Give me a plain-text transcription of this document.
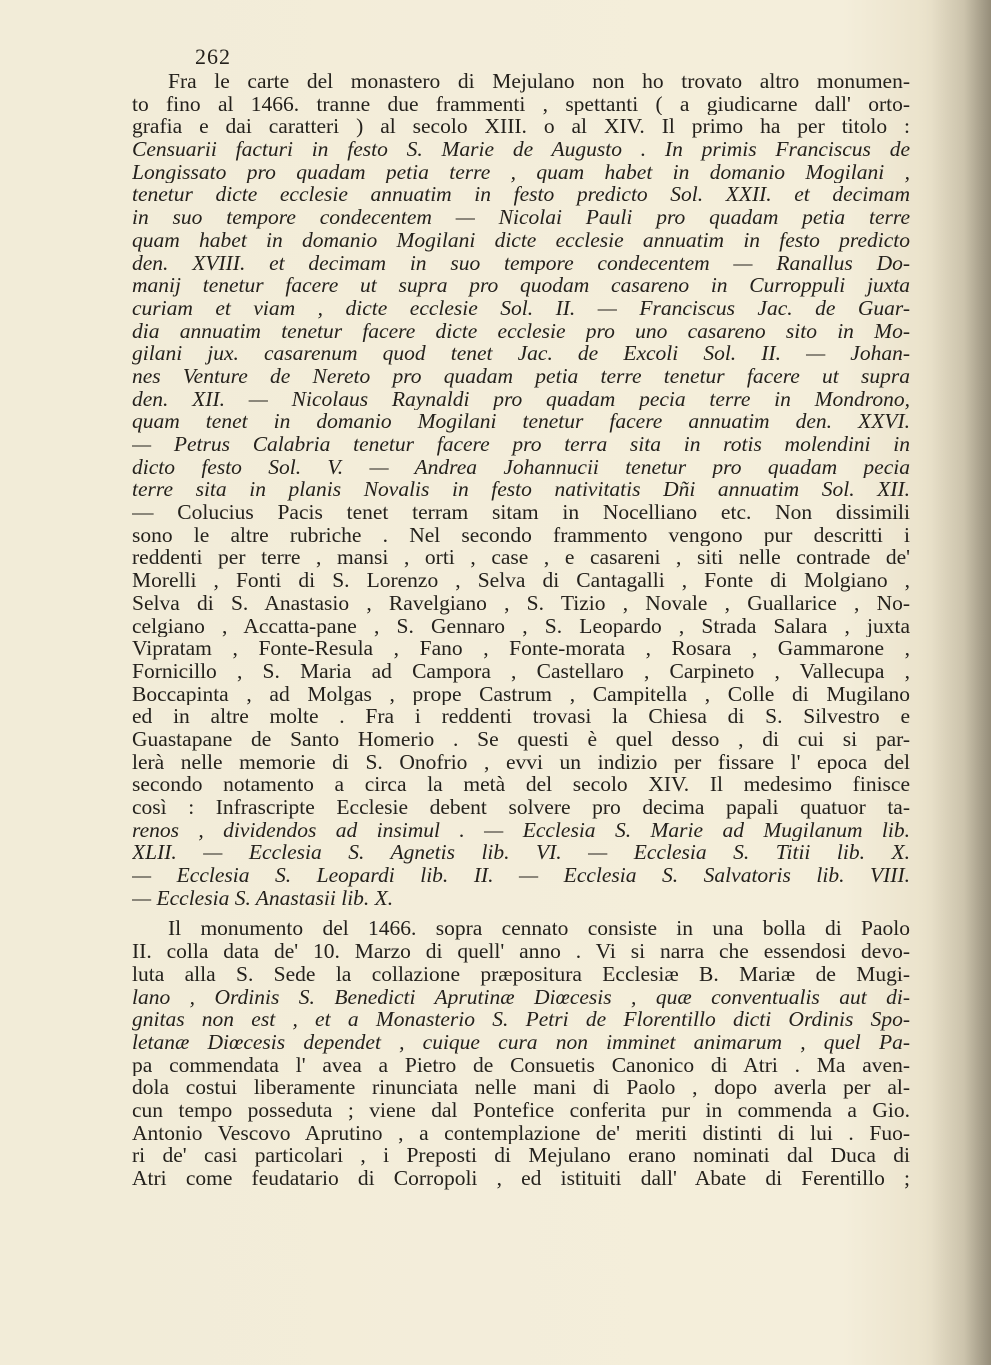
262
Fra le carte del monastero di Mejulano non ho trovato altro monumen-
to fino al 1466. tranne due frammenti , spettanti ( a giudicarne dall' orto-
grafia e dai caratteri ) al secolo XIII. o al XIV. Il primo ha per titolo :
Censuarii facturi in festo S. Marie de Augusto . In primis Franciscus de
Longissato pro quadam petia terre , quam habet in domanio Mogilani ,
tenetur dicte ecclesie annuatim in festo predicto Sol. XXII. et decimam
in suo tempore condecentem — Nicolai Pauli pro quadam petia terre
quam habet in domanio Mogilani dicte ecclesie annuatim in festo predicto
den. XVIII. et decimam in suo tempore condecentem — Ranallus Do-
manij tenetur facere ut supra pro quodam casareno in Curroppuli juxta
curiam et viam , dicte ecclesie Sol. II. — Franciscus Jac. de Guar-
dia annuatim tenetur facere dicte ecclesie pro uno casareno sito in Mo-
gilani jux. casarenum quod tenet Jac. de Excoli Sol. II. — Johan-
nes Venture de Nereto pro quadam petia terre tenetur facere ut supra
den. XII. — Nicolaus Raynaldi pro quadam pecia terre in Mondrono,
quam tenet in domanio Mogilani tenetur facere annuatim den. XXVI.
— Petrus Calabria tenetur facere pro terra sita in rotis molendini in
dicto festo Sol. V. — Andrea Johannucii tenetur pro quadam pecia
terre sita in planis Novalis in festo nativitatis Dñi annuatim Sol. XII.
— Colucius Pacis tenet terram sitam in Nocelliano etc. Non dissimili
sono le altre rubriche . Nel secondo frammento vengono pur descritti i
reddenti per terre , mansi , orti , case , e casareni , siti nelle contrade de'
Morelli , Fonti di S. Lorenzo , Selva di Cantagalli , Fonte di Molgiano ,
Selva di S. Anastasio , Ravelgiano , S. Tizio , Novale , Guallarice , No-
celgiano , Accatta-pane , S. Gennaro , S. Leopardo , Strada Salara , juxta
Vipratam , Fonte-Resula , Fano , Fonte-morata , Rosara , Gammarone ,
Fornicillo , S. Maria ad Campora , Castellaro , Carpineto , Vallecupa ,
Boccapinta , ad Molgas , prope Castrum , Campitella , Colle di Mugilano
ed in altre molte . Fra i reddenti trovasi la Chiesa di S. Silvestro e
Guastapane de Santo Homerio . Se questi è quel desso , di cui si par-
lerà nelle memorie di S. Onofrio , evvi un indizio per fissare l' epoca del
secondo notamento a circa la metà del secolo XIV. Il medesimo finisce
così : Infrascripte Ecclesie debent solvere pro decima papali quatuor ta-
renos , dividendos ad insimul . — Ecclesia S. Marie ad Mugilanum lib.
XLII. — Ecclesia S. Agnetis lib. VI. — Ecclesia S. Titii lib. X.
— Ecclesia S. Leopardi lib. II. — Ecclesia S. Salvatoris lib. VIII.
— Ecclesia S. Anastasii lib. X.
Il monumento del 1466. sopra cennato consiste in una bolla di Paolo
II. colla data de' 10. Marzo di quell' anno . Vi si narra che essendosi devo-
luta alla S. Sede la collazione præpositura Ecclesiæ B. Mariæ de Mugi-
lano , Ordinis S. Benedicti Aprutinæ Diœcesis , quæ conventualis aut di-
gnitas non est , et a Monasterio S. Petri de Florentillo dicti Ordinis Spo-
letanæ Diœcesis dependet , cuique cura non imminet animarum , quel Pa-
pa commendata l' avea a Pietro de Consuetis Canonico di Atri . Ma aven-
dola costui liberamente rinunciata nelle mani di Paolo , dopo averla per al-
cun tempo posseduta ; viene dal Pontefice conferita pur in commenda a Gio.
Antonio Vescovo Aprutino , a contemplazione de' meriti distinti di lui . Fuo-
ri de' casi particolari , i Preposti di Mejulano erano nominati dal Duca di
Atri come feudatario di Corropoli , ed istituiti dall' Abate di Ferentillo ;
